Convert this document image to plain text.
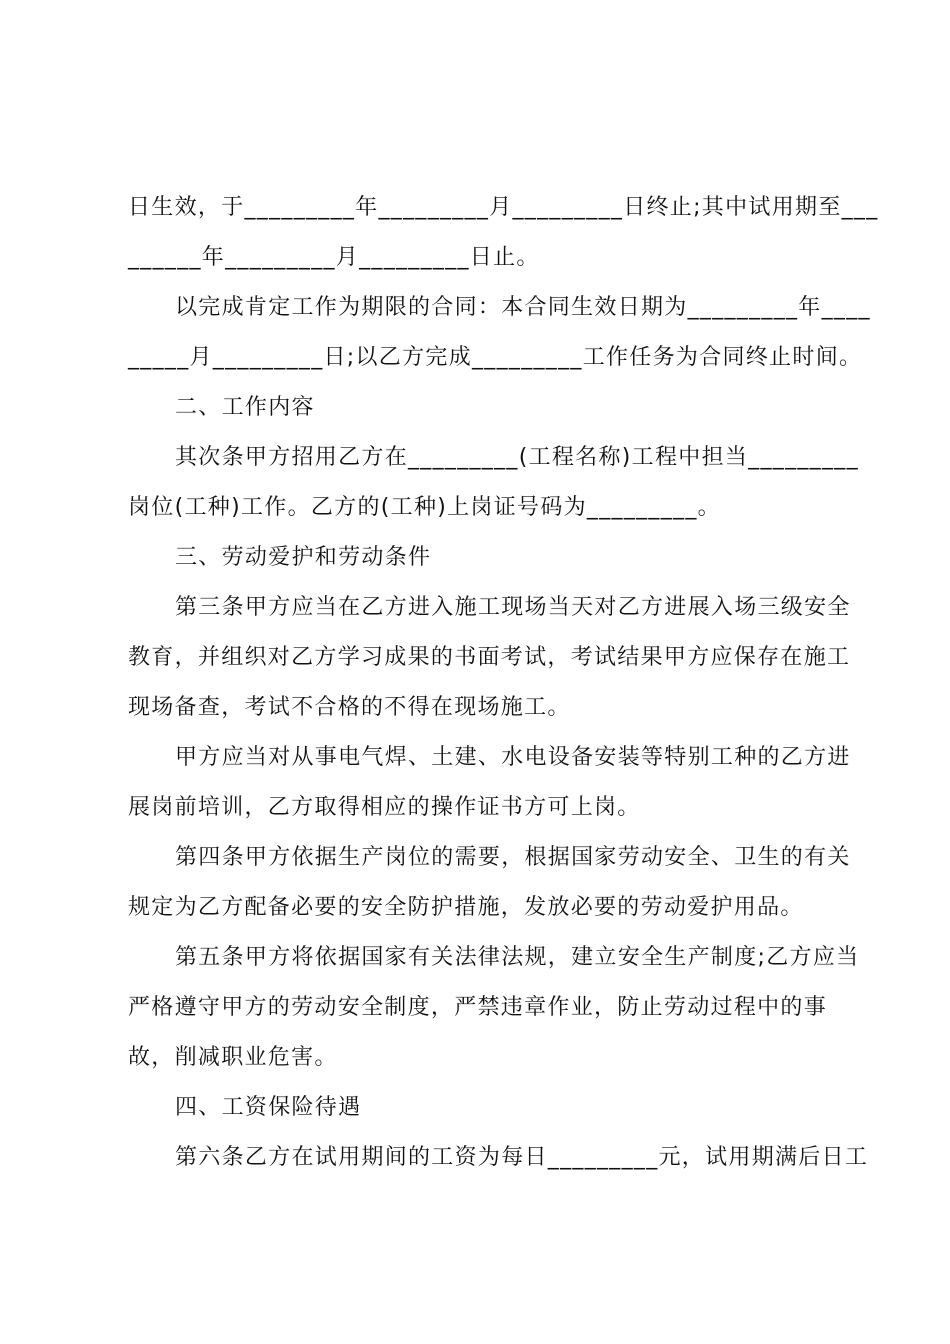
日生效，于_________年_________月_________日终止;其中试用期至___
______年_________月_________日止。
以完成肯定工作为期限的合同：本合同生效日期为_________年____
_____月_________日;以乙方完成_________工作任务为合同终止时间。
二、工作内容
其次条甲方招用乙方在_________(工程名称)工程中担当_________
岗位(工种)工作。乙方的(工种)上岗证号码为_________。
三、劳动爱护和劳动条件
第三条甲方应当在乙方进入施工现场当天对乙方进展入场三级安全
教育，并组织对乙方学习成果的书面考试，考试结果甲方应保存在施工
现场备查，考试不合格的不得在现场施工。
甲方应当对从事电气焊、土建、水电设备安装等特别工种的乙方进
展岗前培训，乙方取得相应的操作证书方可上岗。
第四条甲方依据生产岗位的需要，根据国家劳动安全、卫生的有关
规定为乙方配备必要的安全防护措施，发放必要的劳动爱护用品。
第五条甲方将依据国家有关法律法规，建立安全生产制度;乙方应当
严格遵守甲方的劳动安全制度，严禁违章作业，防止劳动过程中的事
故，削减职业危害。
四、工资保险待遇
第六条乙方在试用期间的工资为每日_________元，试用期满后日工
